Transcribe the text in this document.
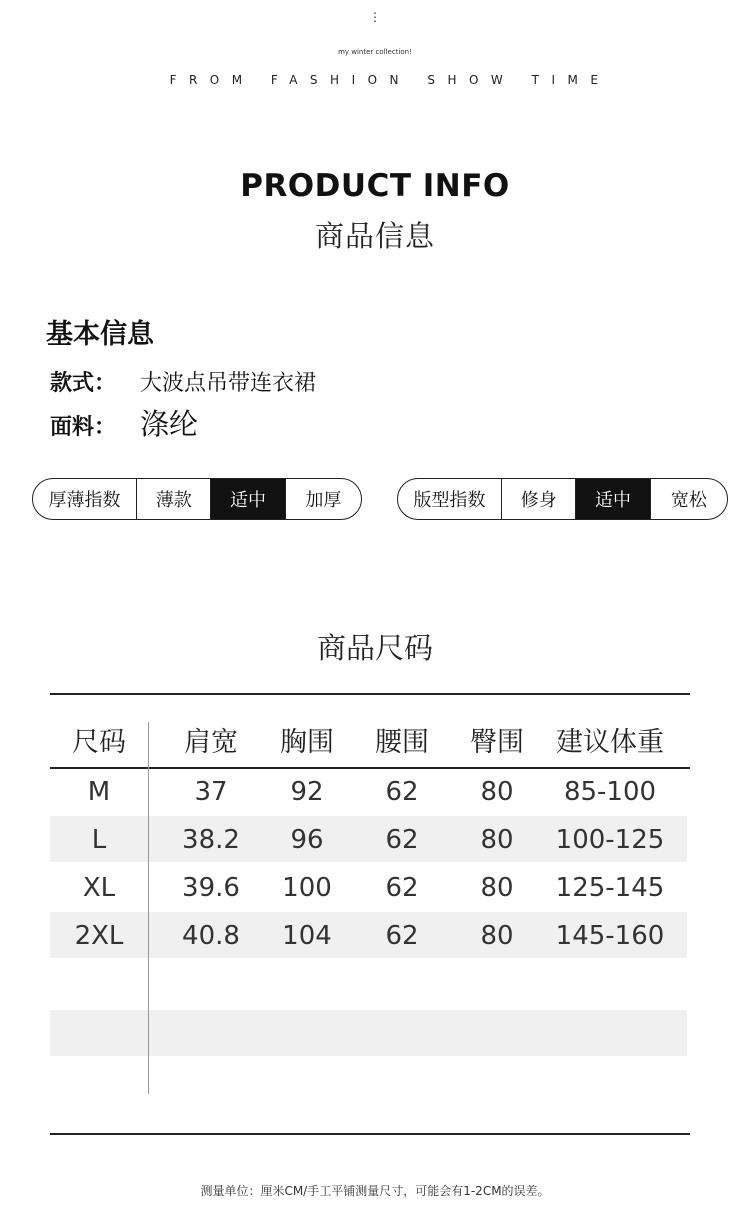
⋮
my winter collection!
FROM FASHION SHOW TIME
PRODUCT INFO
商品信息
基本信息
款式： 大波点吊带连衣裙
面料： 涤纶
厚薄指数	薄款	适中	加厚	版型指数	修身	适中	宽松
商品尺码
尺码	肩宽	胸围	腰围	臀围	建议体重
M	37	92	62	80	85-100
L	38.2	96	62	80	100-125
XL	39.6	100	62	80	125-145
2XL	40.8	104	62	80	145-160
测量单位：厘米CM/手工平铺测量尺寸，可能会有1-2CM的误差。
